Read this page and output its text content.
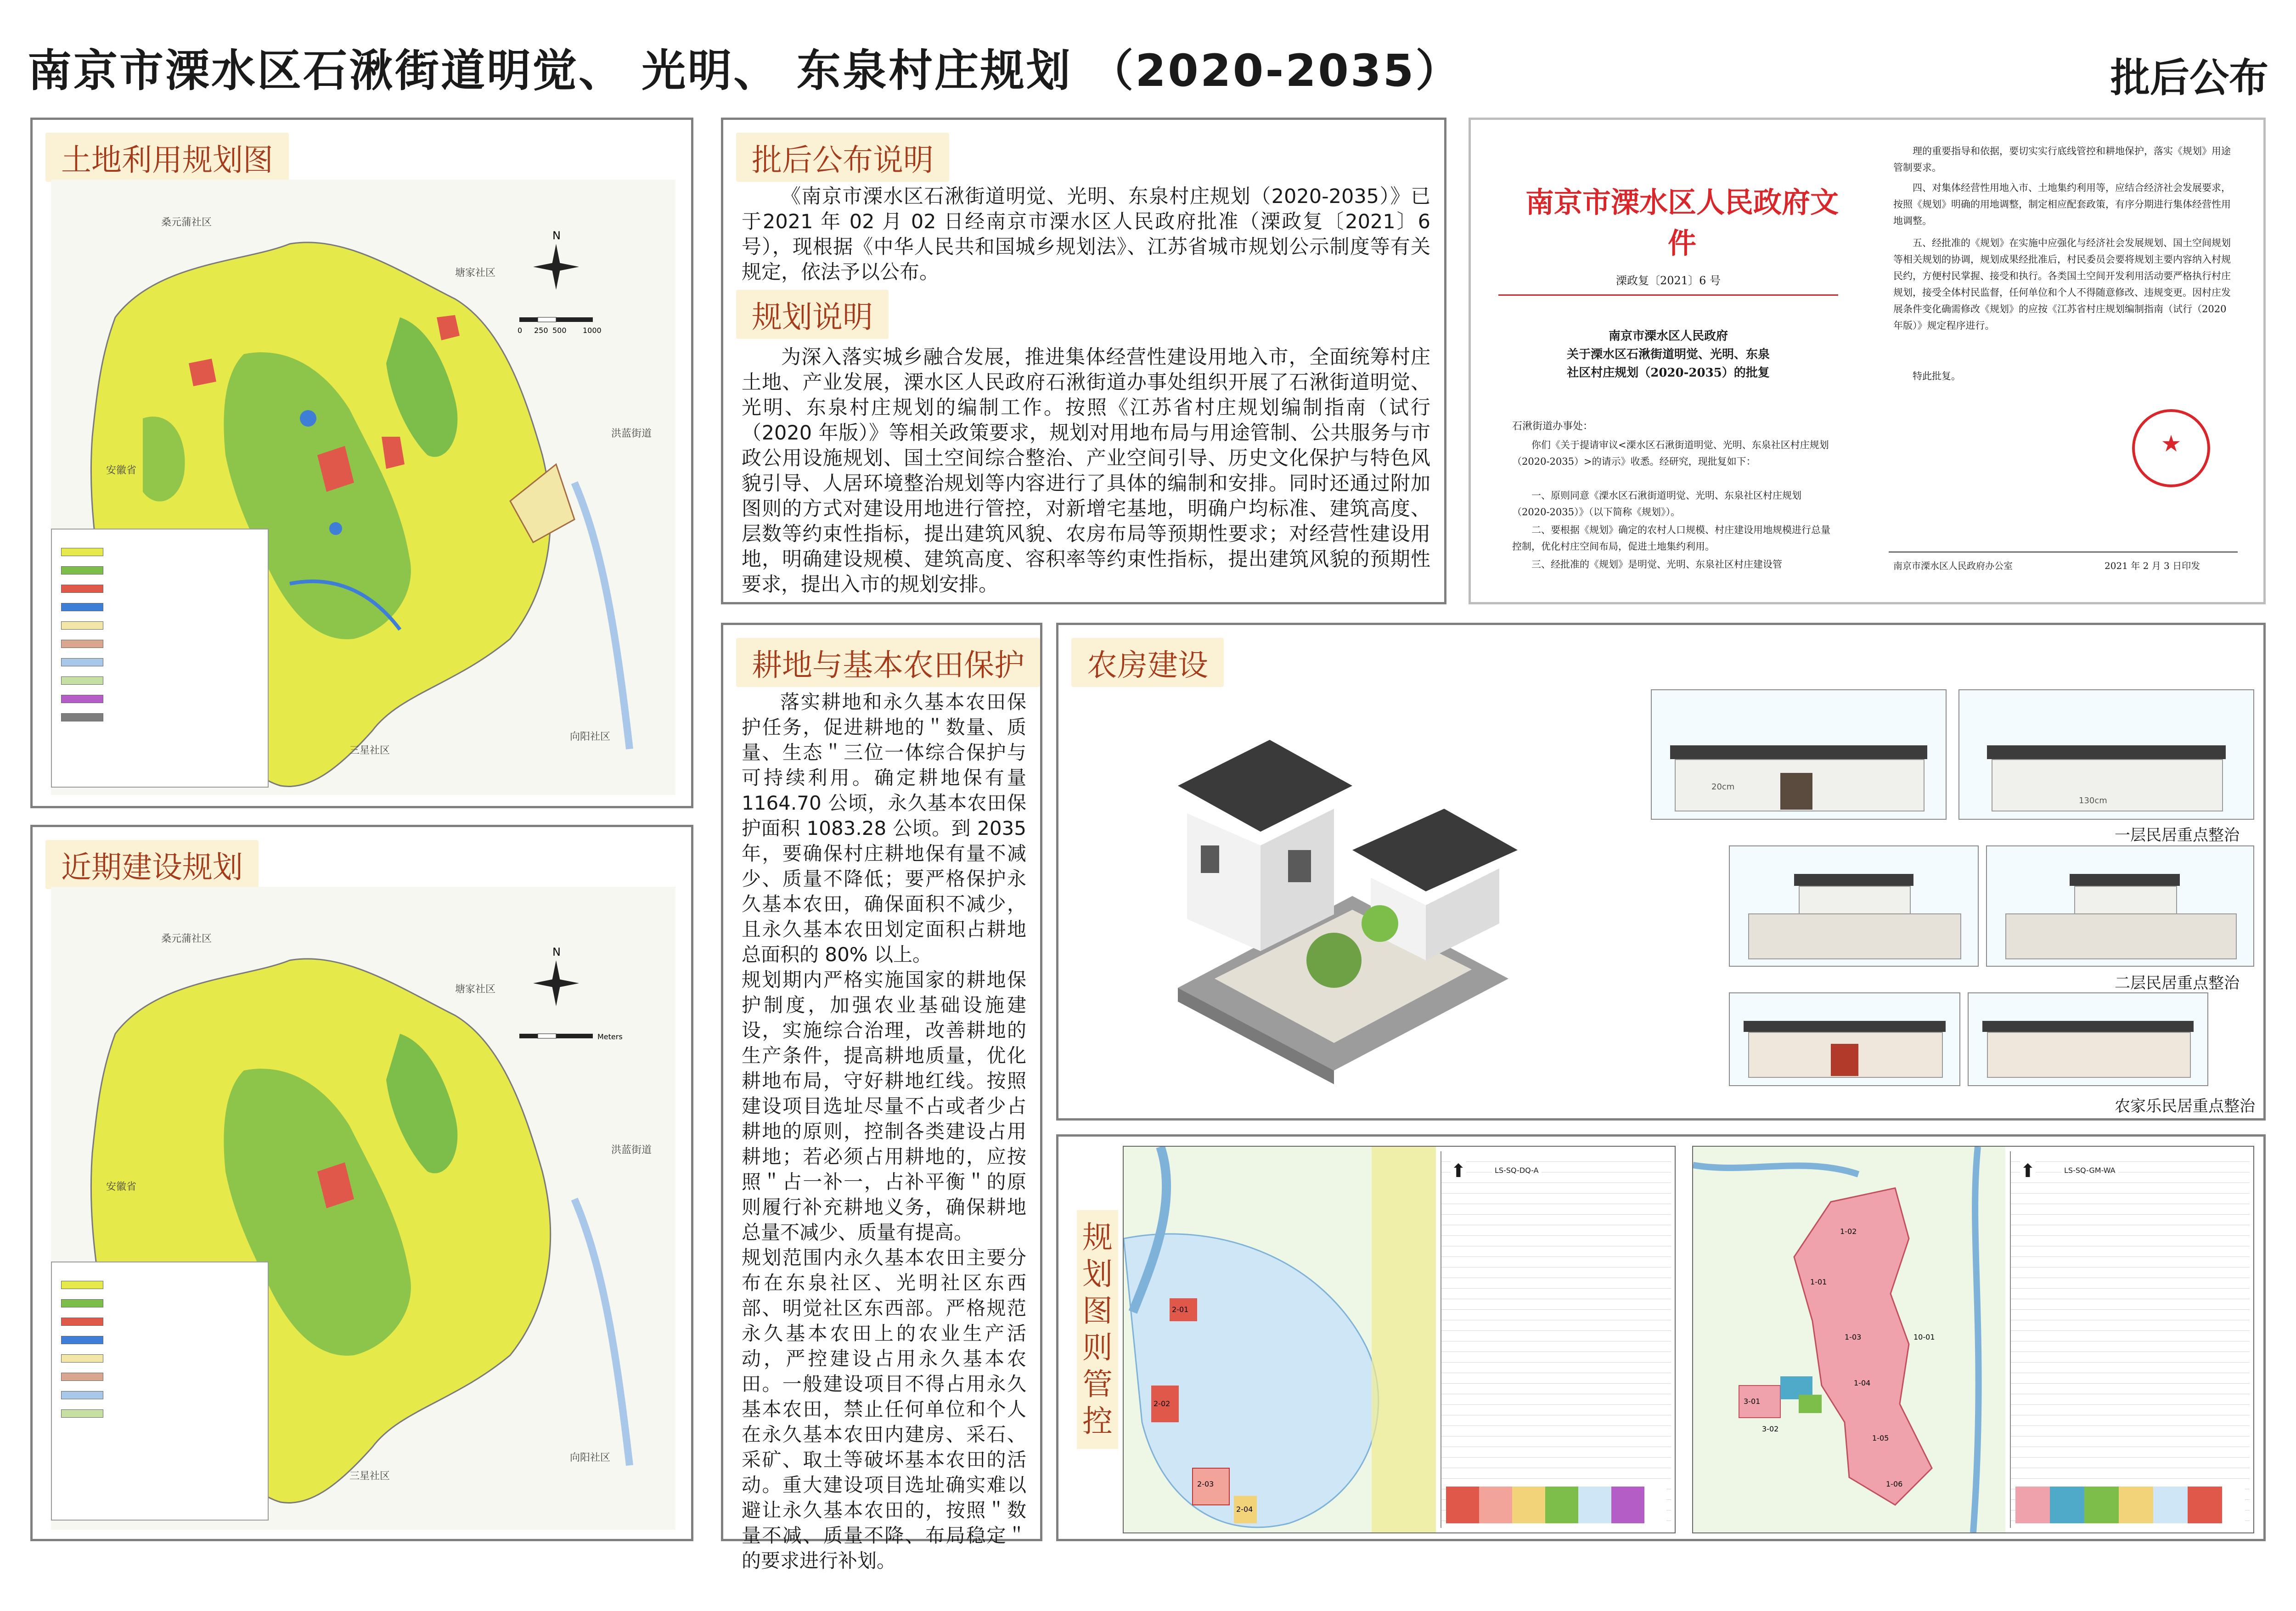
南京市溧水区石湫街道明觉、 光明、 东泉村庄规划 （2020-2035）	批后公布
土地利用规划图
桑元蒲社区
塘家社区
安徽省
洪蓝街道
三星社区
向阳社区
N
0 250 500 1000
近期建设规划
桑元蒲社区
塘家社区
安徽省
洪蓝街道
三星社区
向阳社区
N
Meters
批后公布说明
《南京市溧水区石湫街道明觉、光明、东泉村庄规划（2020-2035）》已于2021 年 02 月 02 日经南京市溧水区人民政府批准（溧政复〔2021〕6 号），现根据《中华人民共和国城乡规划法》、江苏省城市规划公示制度等有关规定，依法予以公布。
规划说明
为深入落实城乡融合发展，推进集体经营性建设用地入市，全面统筹村庄土地、产业发展，溧水区人民政府石湫街道办事处组织开展了石湫街道明觉、光明、东泉村庄规划的编制工作。按照《江苏省村庄规划编制指南（试行（2020 年版）》等相关政策要求，规划对用地布局与用途管制、公共服务与市政公用设施规划、国土空间综合整治、产业空间引导、历史文化保护与特色风貌引导、人居环境整治规划等内容进行了具体的编制和安排。同时还通过附加图则的方式对建设用地进行管控，对新增宅基地，明确户均标准、建筑高度、层数等约束性指标，提出建筑风貌、农房布局等预期性要求；对经营性建设用地，明确建设规模、建筑高度、容积率等约束性指标，提出建筑风貌的预期性要求，提出入市的规划安排。
南京市溧水区人民政府文件
溧政复〔2021〕6 号
南京市溧水区人民政府
关于溧水区石湫街道明觉、光明、东泉
社区村庄规划（2020-2035）的批复
石湫街道办事处：
你们《关于提请审议<溧水区石湫街道明觉、光明、东泉社区村庄规划（2020-2035）>的请示》收悉。经研究，现批复如下：
一、原则同意《溧水区石湫街道明觉、光明、东泉社区村庄规划（2020-2035）》（以下简称《规划》）。
二、要根据《规划》确定的农村人口规模、村庄建设用地规模进行总量控制，优化村庄空间布局，促进土地集约利用。
三、经批准的《规划》是明觉、光明、东泉社区村庄建设管
理的重要指导和依据，要切实实行底线管控和耕地保护，落实《规划》用途管制要求。
四、对集体经营性用地入市、土地集约利用等，应结合经济社会发展要求，按照《规划》明确的用地调整，制定相应配套政策，有序分期进行集体经营性用地调整。
五、经批准的《规划》在实施中应强化与经济社会发展规划、国土空间规划等相关规划的协调，规划成果经批准后，村民委员会要将规划主要内容纳入村规民约，方便村民掌握、接受和执行。各类国土空间开发利用活动要严格执行村庄规划，接受全体村民监督，任何单位和个人不得随意修改、违规变更。因村庄发展条件变化确需修改《规划》的应按《江苏省村庄规划编制指南（试行（2020 年版）》规定程序进行。
特此批复。
★
南京市溧水区人民政府办公室	2021 年 2 月 3 日印发
耕地与基本农田保护
落实耕地和永久基本农田保护任务，促进耕地的＂数量、质量、生态＂三位一体综合保护与可持续利用。确定耕地保有量1164.70 公顷，永久基本农田保护面积 1083.28 公顷。到 2035年，要确保村庄耕地保有量不减少、质量不降低；要严格保护永久基本农田，确保面积不减少，且永久基本农田划定面积占耕地总面积的 80% 以上。
规划期内严格实施国家的耕地保护制度，加强农业基础设施建设，实施综合治理，改善耕地的生产条件，提高耕地质量，优化耕地布局，守好耕地红线。按照建设项目选址尽量不占或者少占耕地的原则，控制各类建设占用耕地；若必须占用耕地的，应按照＂占一补一，占补平衡＂的原则履行补充耕地义务，确保耕地总量不减少、质量有提高。
规划范围内永久基本农田主要分布在东泉社区、光明社区东西部、明觉社区东西部。严格规范永久基本农田上的农业生产活动，严控建设占用永久基本农田。一般建设项目不得占用永久基本农田，禁止任何单位和个人在永久基本农田内建房、采石、采矿、取土等破坏基本农田的活动。重大建设项目选址确实难以避让永久基本农田的，按照＂数量不减、质量不降、布局稳定＂的要求进行补划。
农房建设
20cm
130cm
一层民居重点整治
二层民居重点整治
农家乐民居重点整治
规划图则管控
2-01
2-02
2-03
2-04
LS-SQ-DQ-A
⬆
1-02
1-01
1-03
1-04
1-05
1-06
10-01
3-01
3-02
LS-SQ-GM-WA
⬆
